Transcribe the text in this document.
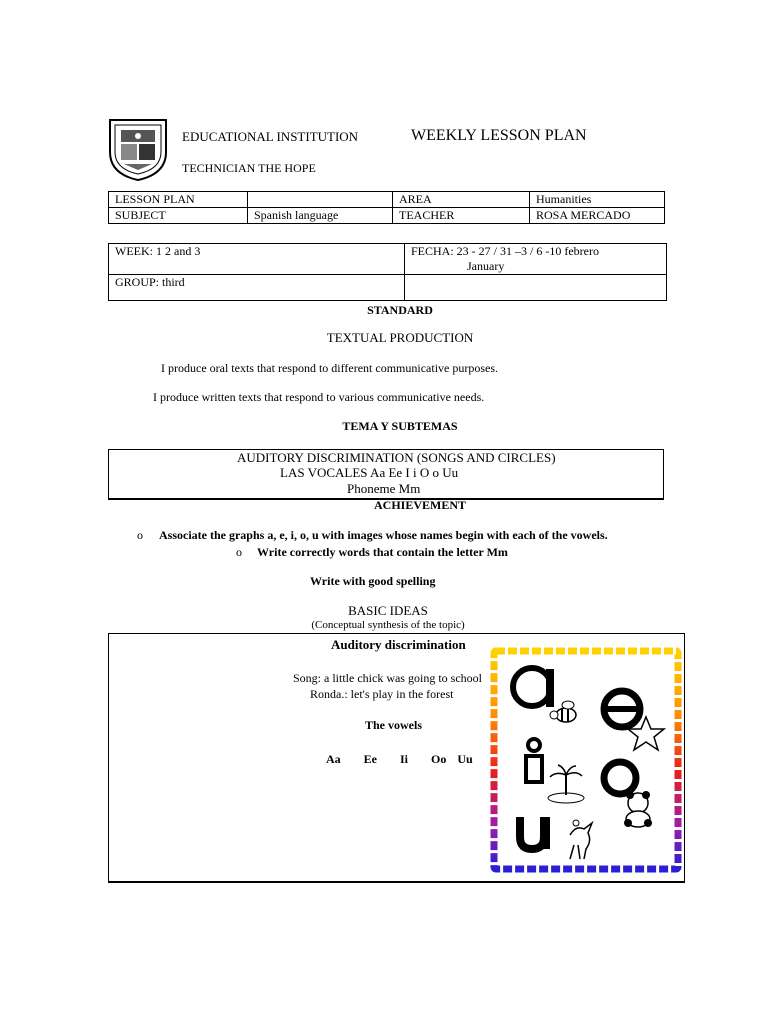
EDUCATIONAL INSTITUTION
TECHNICIAN THE HOPE
WEEKLY LESSON PLAN
LESSON PLAN		AREA	Humanities
SUBJECT	Spanish language	TEACHER	ROSA MERCADO
WEEK: 1 2 and 3	FECHA: 23 - 27 / 31 –3 / 6 -10 febrero
January

GROUP: third	
STANDARD
TEXTUAL PRODUCTION
I produce oral texts that respond to different communicative purposes.
I produce written texts that respond to various communicative needs.
TEMA Y SUBTEMAS
AUDITORY DISCRIMINATION (SONGS AND CIRCLES)
LAS VOCALES Aa Ee I i O o Uu
Phoneme Mm
ACHIEVEMENT
o Associate the graphs a, e, i, o, u with images whose names begin with each of the vowels.
o Write correctly words that contain the letter Mm
Write with good spelling
BASIC IDEAS
(Conceptual synthesis of the topic)
Auditory discrimination
Song: a little chick was going to school
Ronda.: let's play in the forest
The vowels
Aa Ee Ii Oo Uu
